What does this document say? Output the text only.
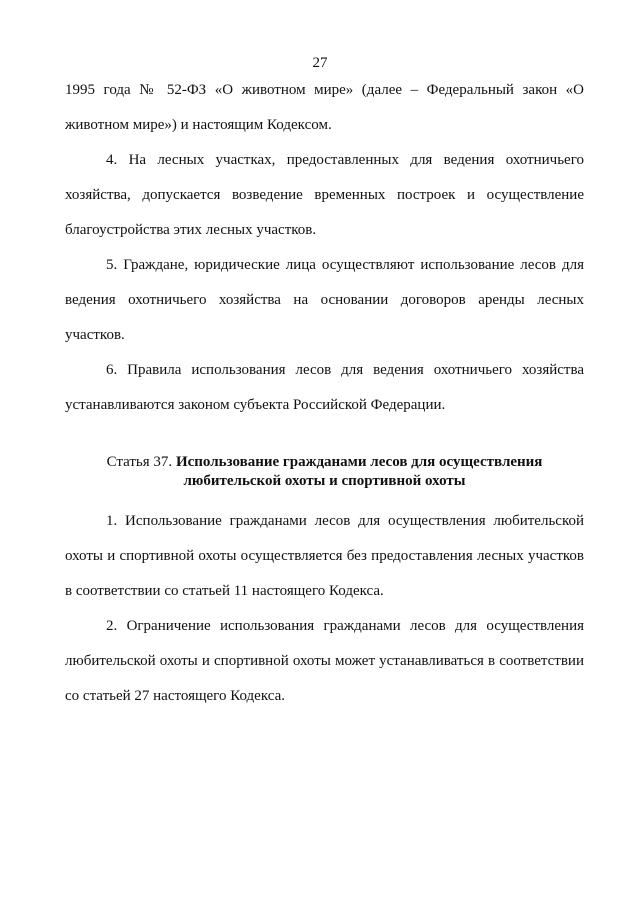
27

1995 года № 52-ФЗ «О животном мире» (далее – Федеральный закон «О животном мире») и настоящим Кодексом.

4. На лесных участках, предоставленных для ведения охотничьего хозяйства, допускается возведение временных построек и осуществление благоустройства этих лесных участков.

5. Граждане, юридические лица осуществляют использование лесов для ведения охотничьего хозяйства на основании договоров аренды лесных участков.

6. Правила использования лесов для ведения охотничьего хозяйства устанавливаются законом субъекта Российской Федерации.

Статья 37. Использование гражданами лесов для осуществления
любительской охоты и спортивной охоты

1. Использование гражданами лесов для осуществления любительской охоты и спортивной охоты осуществляется без предоставления лесных участков в соответствии со статьей 11 настоящего Кодекса.

2. Ограничение использования гражданами лесов для осуществления любительской охоты и спортивной охоты может устанавливаться в соответствии со статьей 27 настоящего Кодекса.
